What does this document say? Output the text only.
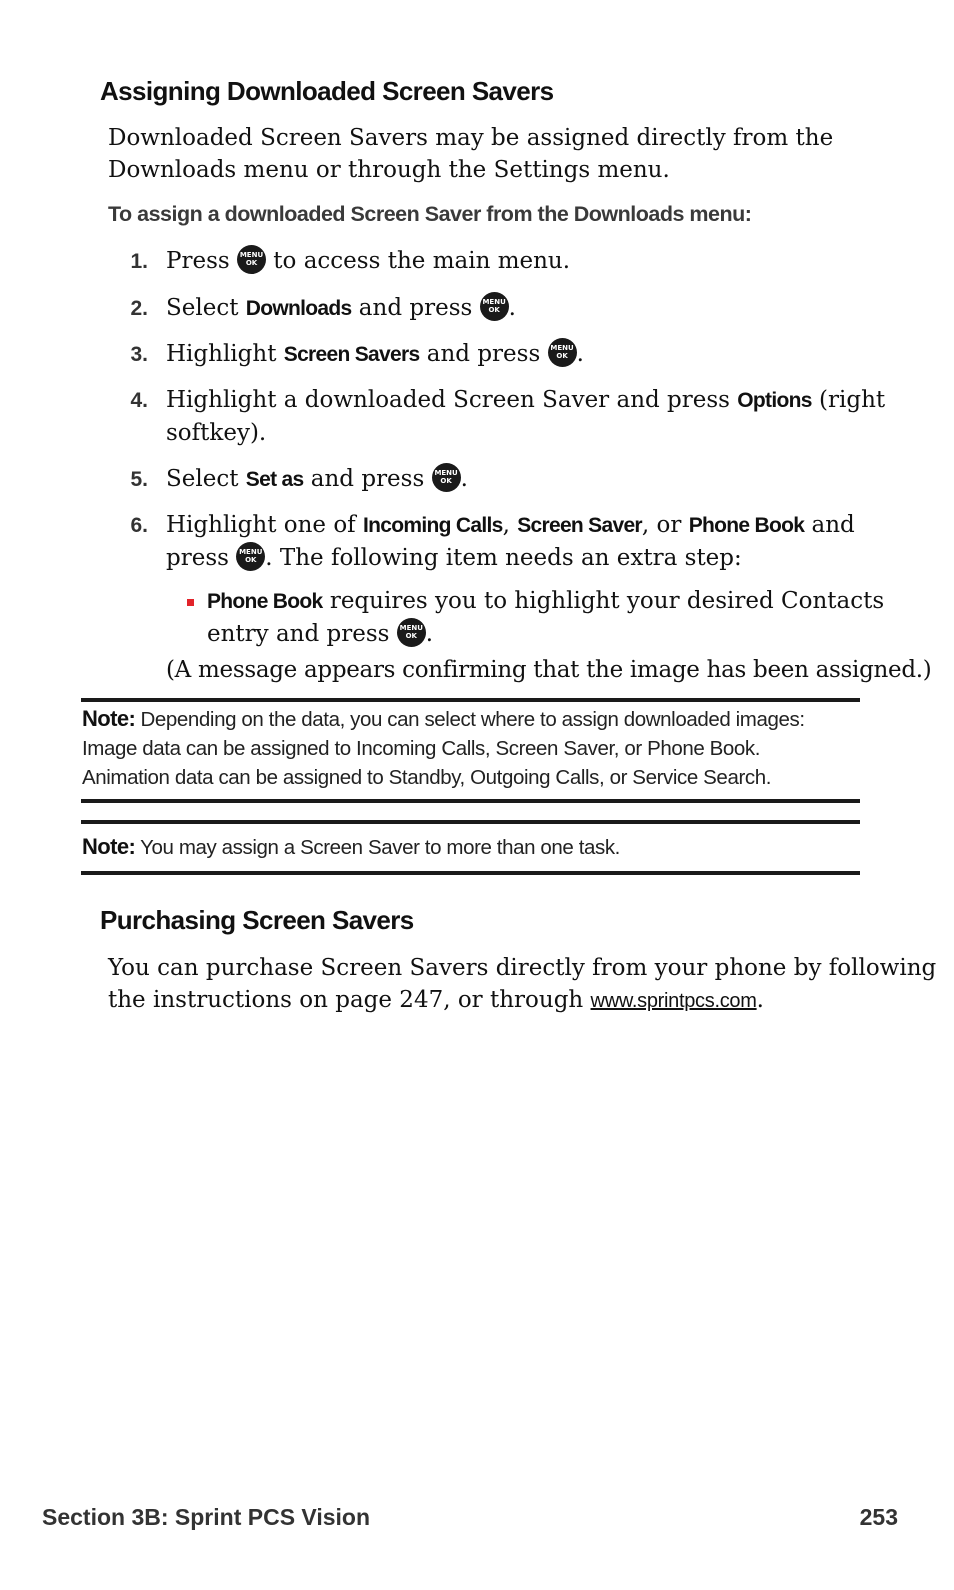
Assigning Downloaded Screen Savers
Downloaded Screen Savers may be assigned directly from the
Downloads menu or through the Settings menu.
To assign a downloaded Screen Saver from the Downloads menu:
1. Press MENU
OK to access the main menu.
2. Select Downloads and press MENU
OK .
3. Highlight Screen Savers and press MENU
OK .
4. Highlight a downloaded Screen Saver and press Options (right
softkey).
5. Select Set as and press MENU
OK .
6. Highlight one of Incoming Calls, Screen Saver, or Phone Book and
press MENU
OK . The following item needs an extra step:
Phone Book requires you to highlight your desired Contacts
entry and press MENU
OK .
(A message appears confirming that the image has been assigned.)
Note: Depending on the data, you can select where to assign downloaded images:
Image data can be assigned to Incoming Calls, Screen Saver, or Phone Book.
Animation data can be assigned to Standby, Outgoing Calls, or Service Search.
Note: You may assign a Screen Saver to more than one task.
Purchasing Screen Savers
You can purchase Screen Savers directly from your phone by following
the instructions on page 247, or through www.sprintpcs.com.
Section 3B: Sprint PCS Vision	253
